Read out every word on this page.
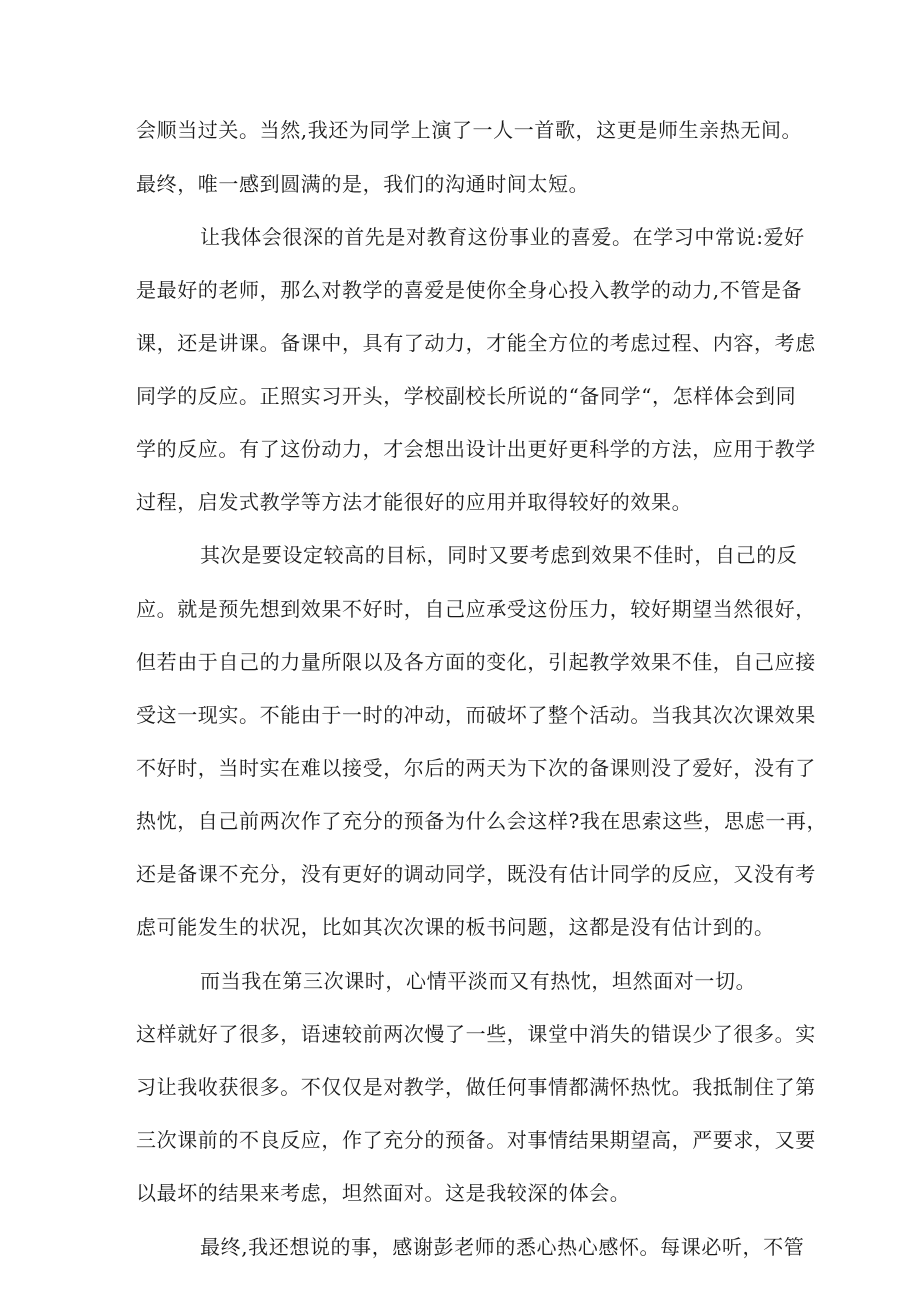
会顺当过关。当然,我还为同学上演了一人一首歌，这更是师生亲热无间。
最终，唯一感到圆满的是，我们的沟通时间太短。
让我体会很深的首先是对教育这份事业的喜爱。在学习中常说:爱好
是最好的老师，那么对教学的喜爱是使你全身心投入教学的动力,不管是备
课，还是讲课。备课中，具有了动力，才能全方位的考虑过程、内容，考虑
同学的反应。正照实习开头，学校副校长所说的“备同学“，怎样体会到同
学的反应。有了这份动力，才会想出设计出更好更科学的方法，应用于教学
过程，启发式教学等方法才能很好的应用并取得较好的效果。
其次是要设定较高的目标，同时又要考虑到效果不佳时，自己的反
应。就是预先想到效果不好时，自己应承受这份压力，较好期望当然很好，
但若由于自己的力量所限以及各方面的变化，引起教学效果不佳，自己应接
受这一现实。不能由于一时的冲动，而破坏了整个活动。当我其次次课效果
不好时，当时实在难以接受，尔后的两天为下次的备课则没了爱好，没有了
热忱，自己前两次作了充分的预备为什么会这样?我在思索这些，思虑一再，
还是备课不充分，没有更好的调动同学，既没有估计同学的反应，又没有考
虑可能发生的状况，比如其次次课的板书问题，这都是没有估计到的。
而当我在第三次课时，心情平淡而又有热忱，坦然面对一切。
这样就好了很多，语速较前两次慢了一些，课堂中消失的错误少了很多。实
习让我收获很多。不仅仅是对教学，做任何事情都满怀热忱。我抵制住了第
三次课前的不良反应，作了充分的预备。对事情结果期望高，严要求，又要
以最坏的结果来考虑，坦然面对。这是我较深的体会。
最终,我还想说的事，感谢彭老师的悉心热心感怀。每课必听，不管
